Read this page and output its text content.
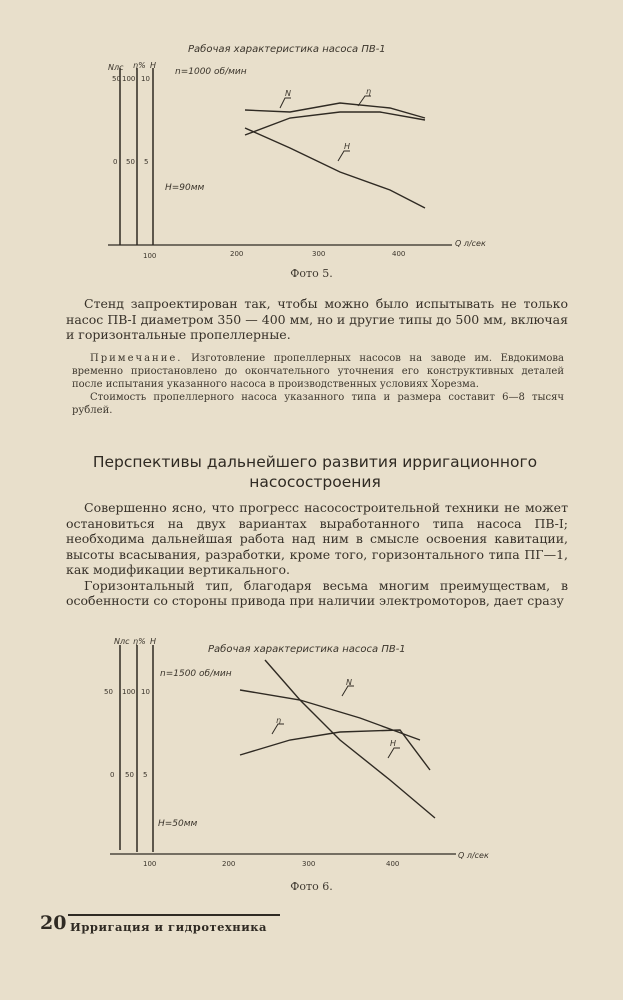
Рабочая характеристика насоса ПВ-1
n=1000 об/мин
H=90мм
Nлс η% H
50 100 10
0 50 5
100	200	300	400
Q л/сек
N	η
H
Фото 5.

Стенд запроектирован так, чтобы можно было испытывать не только насос ПВ-I диаметром 350 — 400 мм, но и другие типы до 500 мм, включая и горизонтальные пропеллерные.

Примечание. Изготовление пропеллерных насосов на заводе им. Евдокимова временно приостановлено до окончательного уточнения его конструктивных деталей после испытания указанного насоса в производственных условиях Хорезма.

Стоимость пропеллерного насоса указанного типа и размера составит 6—8 тысяч рублей.

Перспективы дальнейшего развития ирригационного насосостроения

Совершенно ясно, что прогресс насосостроительной техники не может остановиться на двух вариантах выработанного типа насоса ПВ-I; необходима дальнейшая работа над ним в смысле освоения кавитации, высоты всасывания, разработки, кроме того, горизонтального типа ПГ—1, как модификации вертикального.

Горизонтальный тип, благодаря весьма многим преимуществам, в особенности со стороны привода при наличии электромоторов, дает сразу

Рабочая характеристика насоса ПВ-1
n=1500 об/мин
H=50мм
Nлс η% H
50 100 10
0 50 5
100	200	300	400
Q л/сек
N
η
H
Фото 6.
20 Ирригация и гидротехника
